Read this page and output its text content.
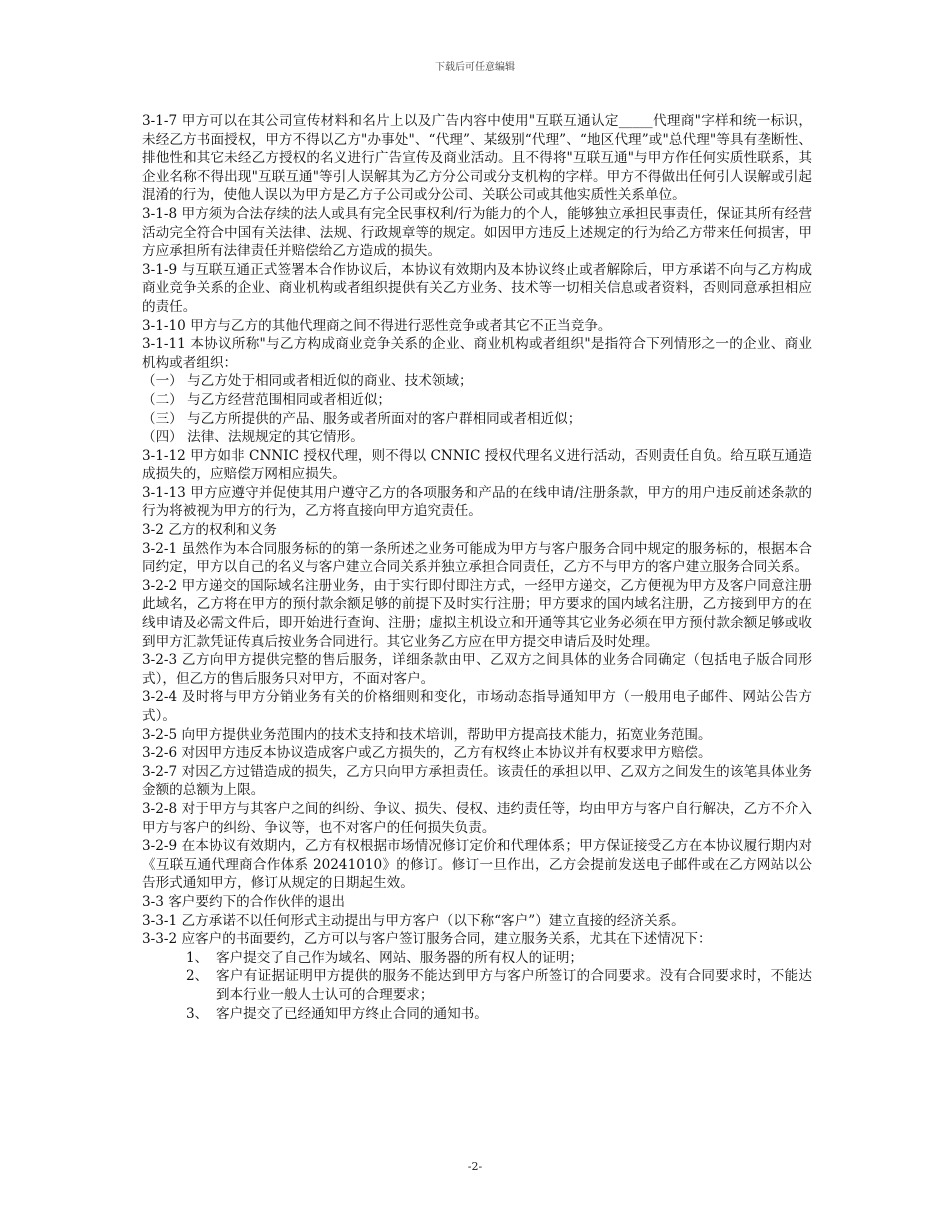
下载后可任意编辑

3-1-7 甲方可以在其公司宣传材料和名片上以及广告内容中使用"互联互通认定_____代理商"字样和统一标识，未经乙方书面授权，甲方不得以乙方"办事处"、“代理”、某级别“代理”、“地区代理”或"总代理"等具有垄断性、排他性和其它未经乙方授权的名义进行广告宣传及商业活动。且不得将"互联互通"与甲方作任何实质性联系，其企业名称不得出现"互联互通"等引人误解其为乙方分公司或分支机构的字样。甲方不得做出任何引人误解或引起混淆的行为，使他人误以为甲方是乙方子公司或分公司、关联公司或其他实质性关系单位。

3-1-8 甲方须为合法存续的法人或具有完全民事权利/行为能力的个人，能够独立承担民事责任，保证其所有经营活动完全符合中国有关法律、法规、行政规章等的规定。如因甲方违反上述规定的行为给乙方带来任何损害，甲方应承担所有法律责任并赔偿给乙方造成的损失。

3-1-9 与互联互通正式签署本合作协议后，本协议有效期内及本协议终止或者解除后，甲方承诺不向与乙方构成商业竞争关系的企业、商业机构或者组织提供有关乙方业务、技术等一切相关信息或者资料，否则同意承担相应的责任。

3-1-10 甲方与乙方的其他代理商之间不得进行恶性竞争或者其它不正当竞争。

3-1-11 本协议所称"与乙方构成商业竞争关系的企业、商业机构或者组织"是指符合下列情形之一的企业、商业机构或者组织：

（一） 与乙方处于相同或者相近似的商业、技术领域；

（二） 与乙方经营范围相同或者相近似；

（三） 与乙方所提供的产品、服务或者所面对的客户群相同或者相近似；

（四） 法律、法规规定的其它情形。

3-1-12 甲方如非 CNNIC 授权代理，则不得以 CNNIC 授权代理名义进行活动，否则责任自负。给互联互通造成损失的，应赔偿万网相应损失。

3-1-13 甲方应遵守并促使其用户遵守乙方的各项服务和产品的在线申请/注册条款，甲方的用户违反前述条款的行为将被视为甲方的行为，乙方将直接向甲方追究责任。

3-2 乙方的权利和义务

3-2-1 虽然作为本合同服务标的的第一条所述之业务可能成为甲方与客户服务合同中规定的服务标的，根据本合同约定，甲方以自己的名义与客户建立合同关系并独立承担合同责任，乙方不与甲方的客户建立服务合同关系。

3-2-2 甲方递交的国际域名注册业务，由于实行即付即注方式，一经甲方递交，乙方便视为甲方及客户同意注册此域名，乙方将在甲方的预付款余额足够的前提下及时实行注册；甲方要求的国内域名注册，乙方接到甲方的在线申请及必需文件后，即开始进行查询、注册；虚拟主机设立和开通等其它业务必须在甲方预付款余额足够或收到甲方汇款凭证传真后按业务合同进行。其它业务乙方应在甲方提交申请后及时处理。

3-2-3 乙方向甲方提供完整的售后服务，详细条款由甲、乙双方之间具体的业务合同确定（包括电子版合同形式），但乙方的售后服务只对甲方，不面对客户。

3-2-4 及时将与甲方分销业务有关的价格细则和变化，市场动态指导通知甲方（一般用电子邮件、网站公告方式）。

3-2-5 向甲方提供业务范围内的技术支持和技术培训，帮助甲方提高技术能力，拓宽业务范围。

3-2-6 对因甲方违反本协议造成客户或乙方损失的，乙方有权终止本协议并有权要求甲方赔偿。

3-2-7 对因乙方过错造成的损失，乙方只向甲方承担责任。该责任的承担以甲、乙双方之间发生的该笔具体业务金额的总额为上限。

3-2-8 对于甲方与其客户之间的纠纷、争议、损失、侵权、违约责任等，均由甲方与客户自行解决，乙方不介入甲方与客户的纠纷、争议等，也不对客户的任何损失负责。

3-2-9 在本协议有效期内，乙方有权根据市场情况修订定价和代理体系；甲方保证接受乙方在本协议履行期内对《互联互通代理商合作体系 20241010》的修订。修订一旦作出，乙方会提前发送电子邮件或在乙方网站以公告形式通知甲方，修订从规定的日期起生效。

3-3 客户要约下的合作伙伴的退出

3-3-1 乙方承诺不以任何形式主动提出与甲方客户（以下称“客户”）建立直接的经济关系。

3-3-2 应客户的书面要约，乙方可以与客户签订服务合同，建立服务关系，尤其在下述情况下：

1、 客户提交了自己作为域名、网站、服务器的所有权人的证明；
2、 客户有证据证明甲方提供的服务不能达到甲方与客户所签订的合同要求。没有合同要求时，不能达到本行业一般人士认可的合理要求；
3、 客户提交了已经通知甲方终止合同的通知书。
-2-
